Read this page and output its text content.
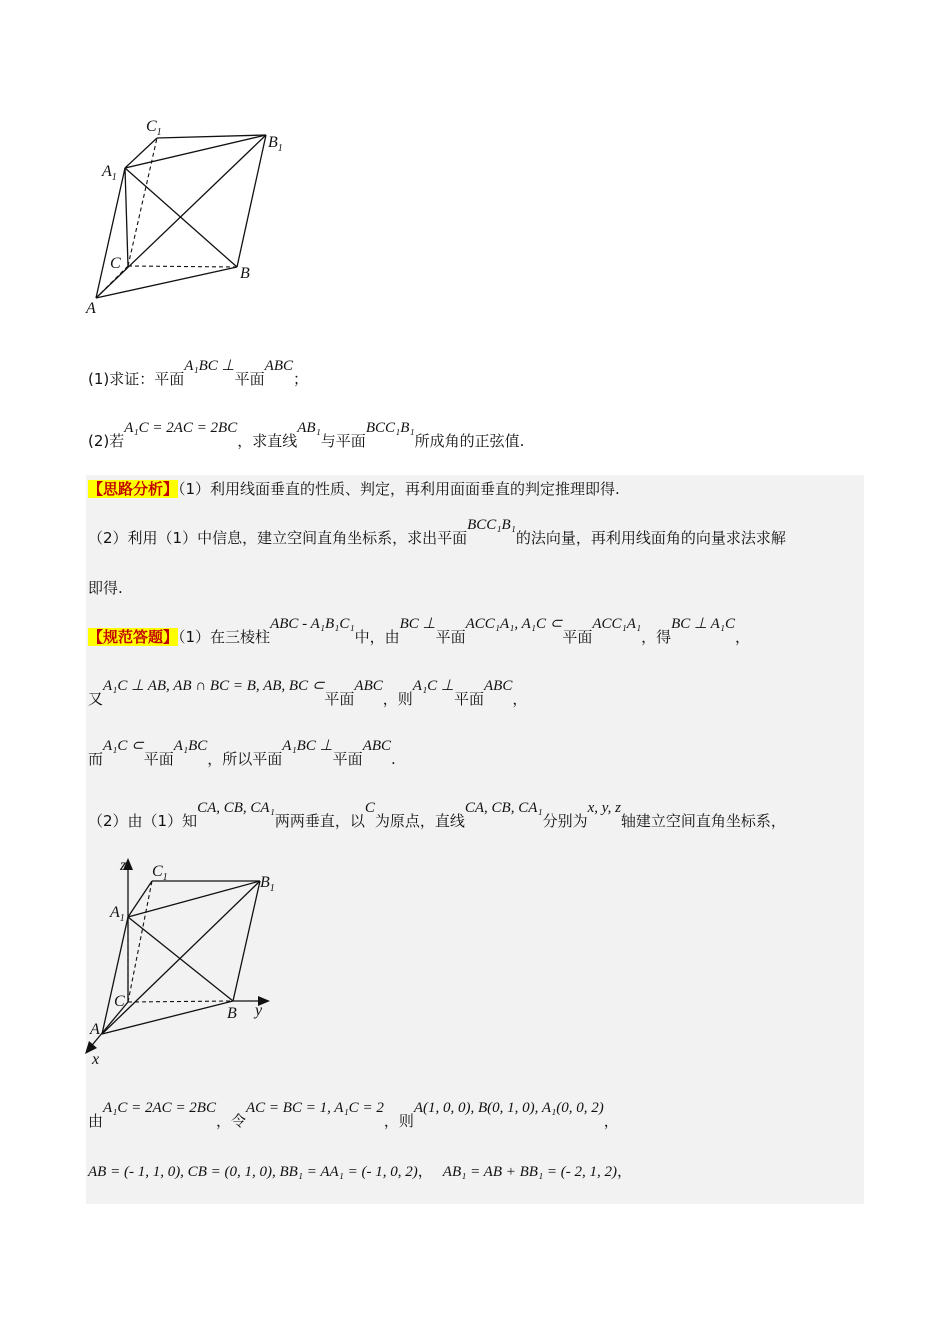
$C_1$
$A_1$
$B_1$
C
B
A
(1)求证：平面A₁BC ⊥平面ABC；
(2)若A₁C = 2AC = 2BC，求直线AB₁与平面BCC₁B₁所成角的正弦值.
【思路分析】（1）利用线面垂直的性质、判定，再利用面面垂直的判定推理即得.
（2）利用（1）中信息，建立空间直角坐标系，求出平面BCC₁B₁的法向量，再利用线面角的向量求法求解
即得.
【规范答题】（1）在三棱柱ABC - A₁B₁C₁中，由BC ⊥平面ACC₁A₁, A₁C ⊂平面ACC₁A₁，得BC ⊥ A₁C，
又A₁C ⊥ AB, AB ∩ BC = B, AB, BC ⊂平面ABC，则A₁C ⊥平面ABC，
而A₁C ⊂平面A₁BC，所以平面A₁BC ⊥平面ABC.
（2）由（1）知CA, CB, CA₁两两垂直，以C为原点，直线CA, CB, CA₁分别为x, y, z轴建立空间直角坐标系，
z
y
x
$C_1$
$A_1$
$B_1$
C
B
A
由A₁C = 2AC = 2BC，令AC = BC = 1, A₁C = 2，则A(1, 0, 0), B(0, 1, 0), A₁(0, 0, 2)，
AB = (- 1, 1, 0), CB = (0, 1, 0), BB₁ = AA₁ = (- 1, 0, 2)， AB₁ = AB + BB₁ = (- 2, 1, 2)，
